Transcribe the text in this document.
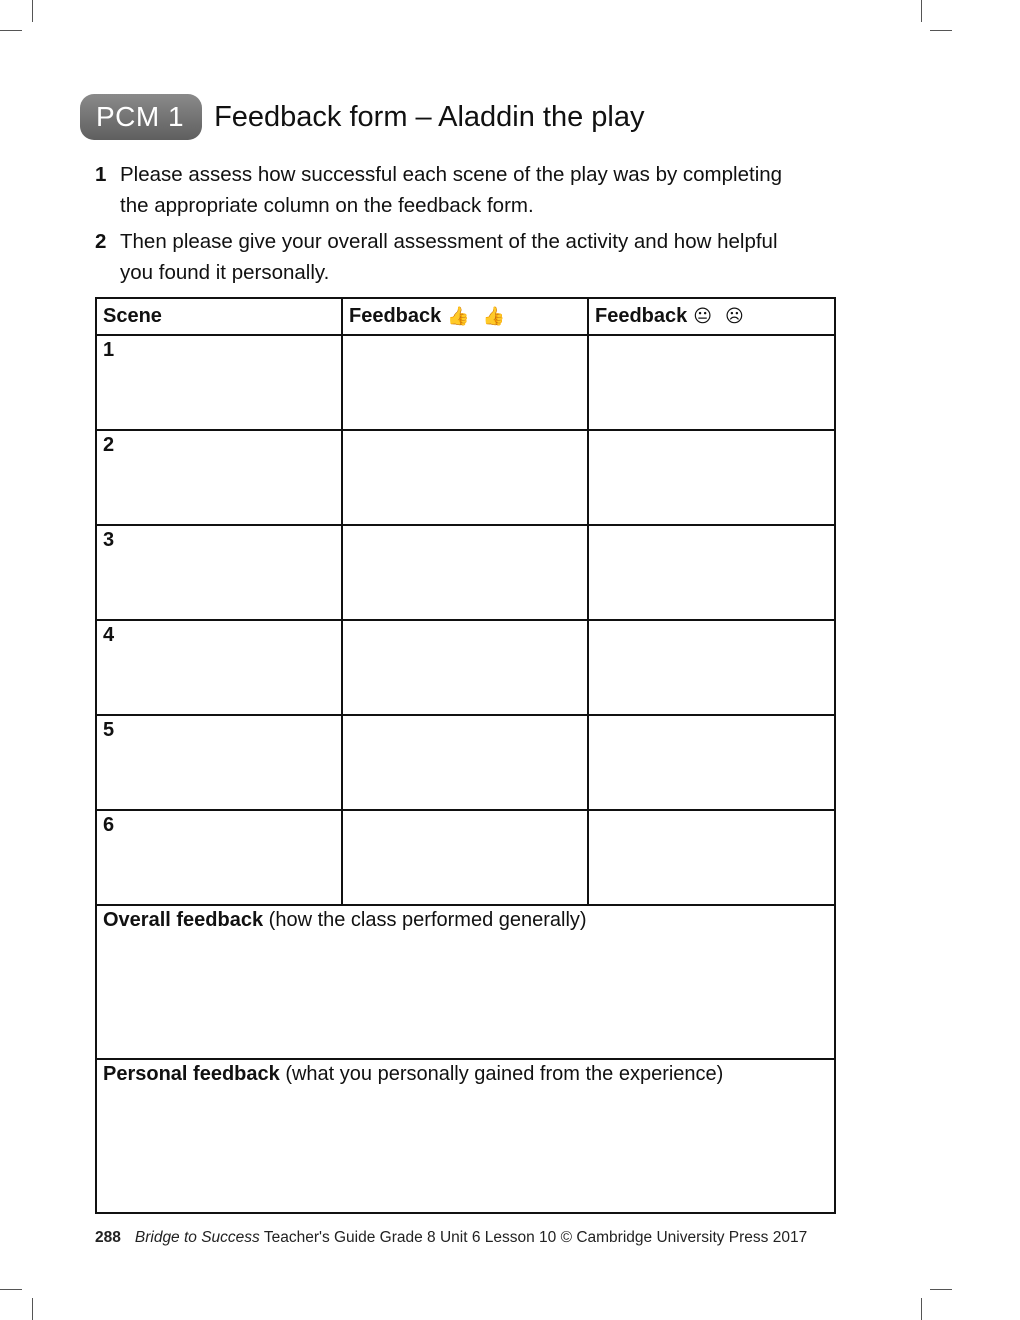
PCM 1	Feedback form – Aladdin the play
1 Please assess how successful each scene of the play was by completing the appropriate column on the feedback form.
2 Then please give your overall assessment of the activity and how helpful you found it personally.
Scene	Feedback 👍 👍	Feedback 😐 ☹
1		
2		
3		
4		
5		
6		
Overall feedback (how the class performed generally)		
Personal feedback (what you personally gained from the experience)		
288 Bridge to Success Teacher's Guide Grade 8 Unit 6 Lesson 10 © Cambridge University Press 2017
